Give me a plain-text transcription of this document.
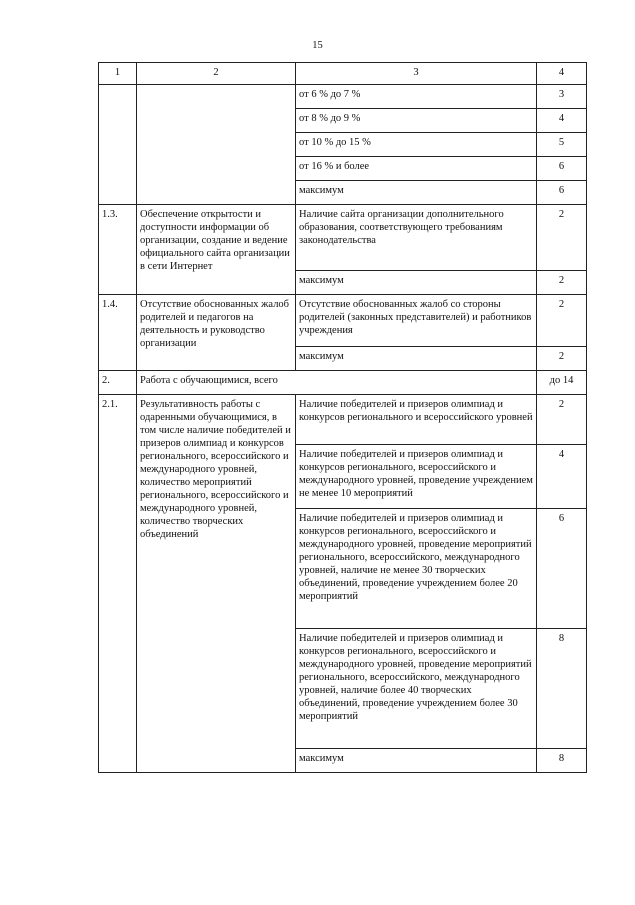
15
1	2	3	4
		от 6 % до 7 %	3
		от 8 % до 9 %	4
		от 10 % до 15 %	5
		от 16 % и более	6
		максимум	6
1.3.	Обеспечение открытости и доступности информации об организации, создание и ведение официального сайта организации в сети Интернет	Наличие сайта организации дополнительного образования, соответствующего требованиям законодательства	2
		максимум	2
1.4.	Отсутствие обоснованных жалоб родителей и педагогов на деятельность и руководство организации	Отсутствие обоснованных жалоб со стороны родителей (законных представителей) и работников учреждения	2
		максимум	2
2.	Работа с обучающимися, всего		до 14
2.1.	Результативность работы с одаренными обучающимися, в том числе наличие победителей и призеров олимпиад и конкурсов регионального, всероссийского и международного уровней, количество мероприятий регионального, всероссийского и международного уровней, количество творческих объединений	Наличие победителей и призеров олимпиад и конкурсов регионального и всероссийского уровней	2
		Наличие победителей и призеров олимпиад и конкурсов регионального, всероссийского и международного уровней, проведение учреждением не менее 10 мероприятий	4
		Наличие победителей и призеров олимпиад и конкурсов регионального, всероссийского и международного уровней, проведение мероприятий регионального, всероссийского, международного уровней, наличие не менее 30 творческих объединений, проведение учреждением более 20 мероприятий	6
		Наличие победителей и призеров олимпиад и конкурсов регионального, всероссийского и международного уровней, проведение мероприятий регионального, всероссийского, международного уровней, наличие более 40 творческих объединений, проведение учреждением более 30 мероприятий	8
		максимум	8
